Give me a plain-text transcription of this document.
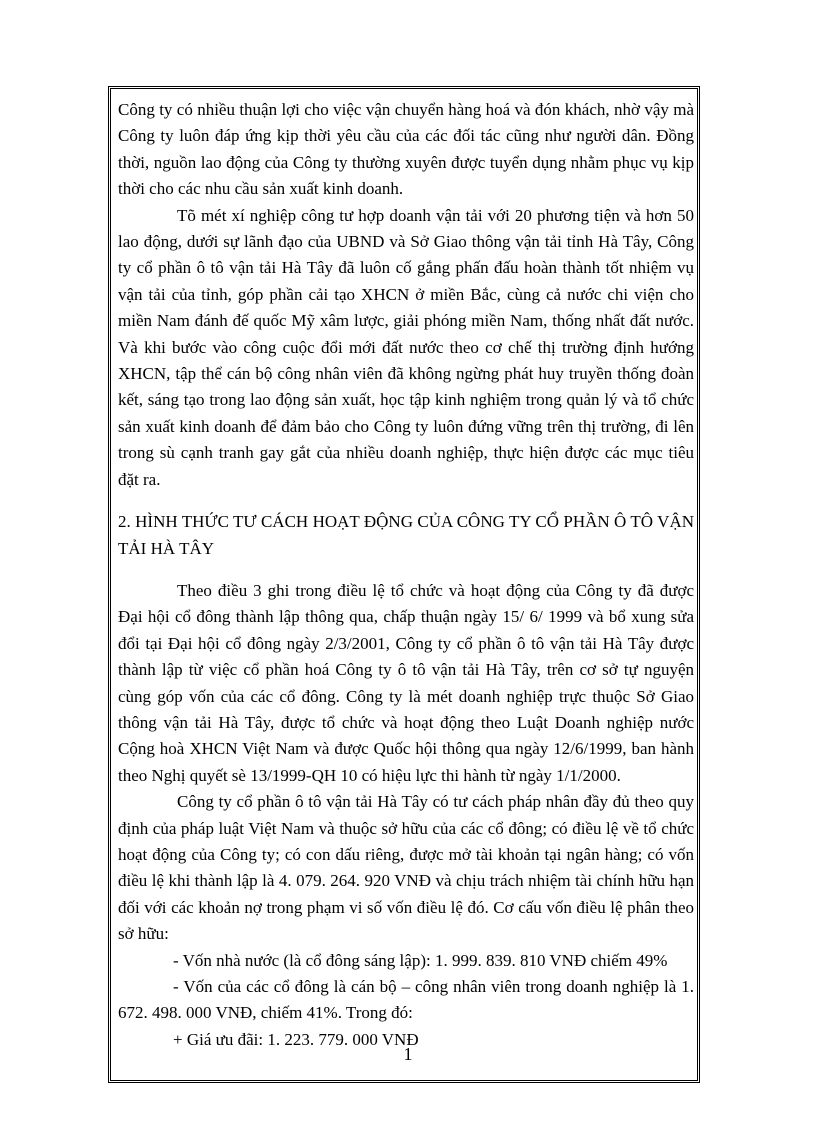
Công ty có nhiều thuận lợi cho việc vận chuyển hàng hoá và đón khách, nhờ vậy mà Công ty luôn đáp ứng kịp thời yêu cầu của các đối tác cũng như người dân. Đồng thời, nguồn lao động của Công ty thường xuyên được tuyển dụng nhằm phục vụ kịp thời cho các nhu cầu sản xuất kinh doanh.

Tõ mét xí nghiệp công tư hợp doanh vận tải với 20 phương tiện và hơn 50 lao động, dưới sự lãnh đạo của UBND và Sở Giao thông vận tải tỉnh Hà Tây, Công ty cổ phần ô tô vận tải Hà Tây đã luôn cố gắng phấn đấu hoàn thành tốt nhiệm vụ vận tải của tỉnh, góp phần cải tạo XHCN ở miền Bắc, cùng cả nước chi viện cho miền Nam đánh đế quốc Mỹ xâm lược, giải phóng miền Nam, thống nhất đất nước. Và khi bước vào công cuộc đổi mới đất nước theo cơ chế thị trường định hướng XHCN, tập thể cán bộ công nhân viên đã không ngừng phát huy truyền thống đoàn kết, sáng tạo trong lao động sản xuất, học tập kinh nghiệm trong quản lý và tổ chức sản xuất kinh doanh để đảm bảo cho Công ty luôn đứng vững trên thị trường, đi lên trong sù cạnh tranh gay gắt của nhiều doanh nghiệp, thực hiện được các mục tiêu đặt ra.

2. HÌNH THỨC TƯ CÁCH HOẠT ĐỘNG CỦA CÔNG TY CỔ PHẦN Ô TÔ VẬN TẢI HÀ TÂY

Theo điều 3 ghi trong điều lệ tổ chức và hoạt động của Công ty đã được Đại hội cổ đông thành lập thông qua, chấp thuận ngày 15/ 6/ 1999 và bổ xung sửa đổi tại Đại hội cổ đông ngày 2/3/2001, Công ty cổ phần ô tô vận tải Hà Tây được thành lập từ việc cổ phần hoá Công ty ô tô vận tải Hà Tây, trên cơ sở tự nguyện cùng góp vốn của các cổ đông. Công ty là mét doanh nghiệp trực thuộc Sở Giao thông vận tải Hà Tây, được tổ chức và hoạt động theo Luật Doanh nghiệp nước Cộng hoà XHCN Việt Nam và được Quốc hội thông qua ngày 12/6/1999, ban hành theo Nghị quyết sè 13/1999-QH 10 có hiệu lực thi hành từ ngày 1/1/2000.

Công ty cổ phần ô tô vận tải Hà Tây có tư cách pháp nhân đầy đủ theo quy định của pháp luật Việt Nam và thuộc sở hữu của các cổ đông; có điều lệ về tổ chức hoạt động của Công ty; có con dấu riêng, được mở tài khoản tại ngân hàng; có vốn điều lệ khi thành lập là 4. 079. 264. 920 VNĐ và chịu trách nhiệm tài chính hữu hạn đối với các khoản nợ trong phạm vi số vốn điều lệ đó. Cơ cấu vốn điều lệ phân theo sở hữu:

- Vốn nhà nước (là cổ đông sáng lập): 1. 999. 839. 810 VNĐ chiếm 49%

- Vốn của các cổ đông là cán bộ – công nhân viên trong doanh nghiệp là 1. 672. 498. 000 VNĐ, chiếm 41%. Trong đó:

+ Giá ưu đãi: 1. 223. 779. 000 VNĐ

1
